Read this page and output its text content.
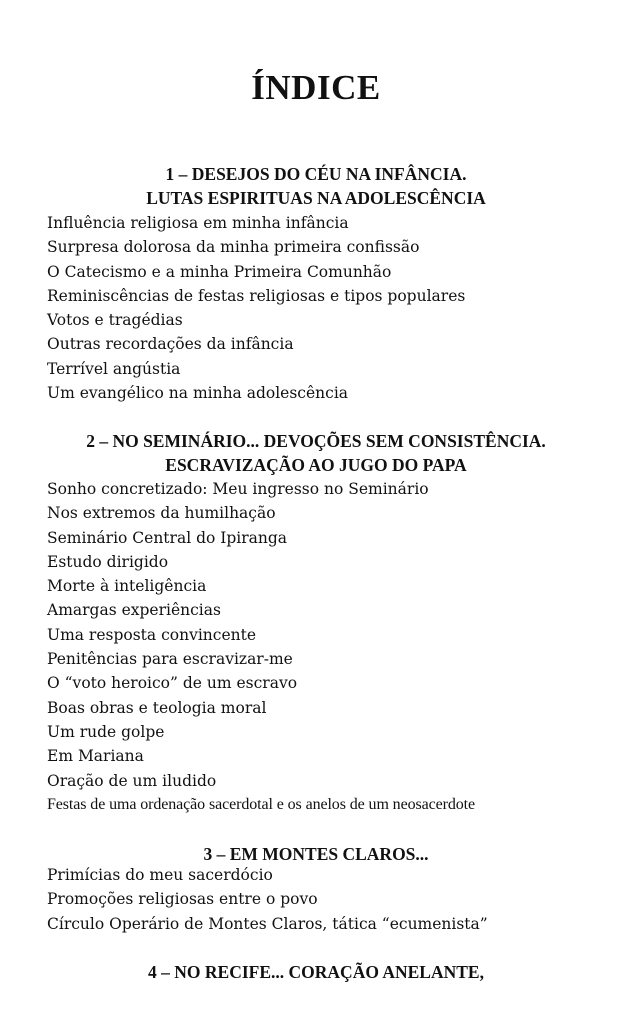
ÍNDICE
1 – DESEJOS DO CÉU NA INFÂNCIA.
LUTAS ESPIRITUAS NA ADOLESCÊNCIA
Influência religiosa em minha infância
Surpresa dolorosa da minha primeira confissão
O Catecismo e a minha Primeira Comunhão
Reminiscências de festas religiosas e tipos populares
Votos e tragédias
Outras recordações da infância
Terrível angústia
Um evangélico na minha adolescência
2 – NO SEMINÁRIO... DEVOÇÕES SEM CONSISTÊNCIA.
ESCRAVIZAÇÃO AO JUGO DO PAPA
Sonho concretizado: Meu ingresso no Seminário
Nos extremos da humilhação
Seminário Central do Ipiranga
Estudo dirigido
Morte à inteligência
Amargas experiências
Uma resposta convincente
Penitências para escravizar-me
O “voto heroico” de um escravo
Boas obras e teologia moral
Um rude golpe
Em Mariana
Oração de um iludido
Festas de uma ordenação sacerdotal e os anelos de um neosacerdote
3 – EM MONTES CLAROS...
Primícias do meu sacerdócio
Promoções religiosas entre o povo
Círculo Operário de Montes Claros, tática “ecumenista”
4 – NO RECIFE... CORAÇÃO ANELANTE,
